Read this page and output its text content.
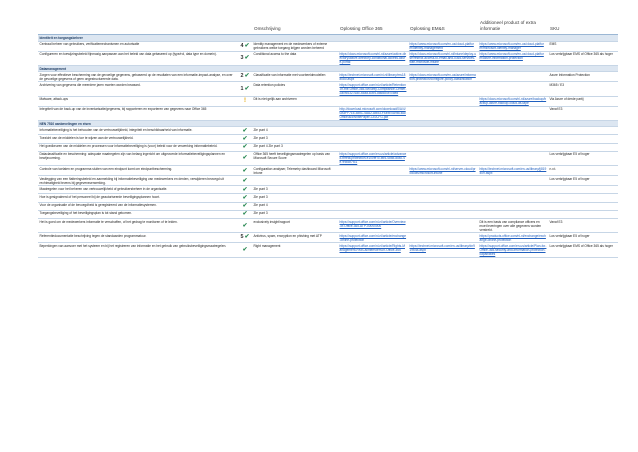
		Omschrijving	Oplossing Office 365	Oplossing EM&S	Additioneel product of extra informatie	SKU
Identiteit en toegangsbeheer						
Centraal beheer van gebruikers, verificatiemechanismen en autorisatie	4✔	Identity management en de medewerkers of externe gebruikers welke toegang krijgen worden beheerd		https://www.microsoft.com/en-us/cloud-platform/identity-management	https://www.microsoft.com/en-us/cloud-platform/microsoft-identity-manager	EMS
Configureren en toewijzingsbeleid fijnmazig aanpassen aan het beleid van data gebaseerd op (type/rol, data type en domein).	3✔	Conditional access to the data	https://docs.microsoft.com/nl-nl/azure/active-directory/active-directory-conditional-access-azure-portal	https://docs.microsoft.com/nl-nl/intune/deploy-use/restrict-access-to-email-and-o365-services-with-microsoft-intune	https://www.microsoft.com/en-us/cloud-platform/azure-information-protection	Los verkrijgbaar EMS of Office 365 als hoger
Datamanagement						
Zorgen voor effectieve bescherming van de gevoelige gegevens, gebaseerd op de resultaten van een informatie-impact-analyse, en over de gevoelige gegevens of geen ongestructureerde data.	2✔	Classificatie van informatie met voorbeeldmodellen	https://technet.microsoft.com/nl-nl/library/ms188080.aspx	https://docs.microsoft.com/en-us/azure/information-protection/configure-policy-classification		Azure Information Protection
Archivering van gegevens die meerdere jaren moeten worden bewaard.	1✔	Data retention policies	https://support.office.com/nl-nl/article/Retention-in-the-Office-365-Security-Compliance-Center-2a0fc432-f18c-45aa-a394-8a6584b7c8ed			M365 / E3
Malware, attack-ups	!	Dit is niet gelijk aan archiveren			https://docs.microsoft.com/nl-nl/azure/backup/backup-azure-backup-cloud-as-tape	Via Azure of derde partij
Integriteit van de back-up van de inventarisatie/gegevens, bij rapporteren en exporteren van gegevens naar Office 365			http://download.microsoft.com/download/0/A/4/0A4FF715-385C-4AA2-AB53-F449E0A9B1BA/Office365WhitePaper-CEA-FG.pdf			Vanaf E3
NEN 7510 aanbevelingen en eisen						
Informatiebeveiliging is het behouden van de vertrouwelijkheid, integriteit en beschikbaarheid van informatie.	✔	Zie punt 4				
Toezicht van de middelen is toe te wijzen aan de vertrouwelijkheid.	✔	Zie punt 3				
Het goedkeuren van de middelen en processen voor informatiebeveiliging is (voor) beleid voor de verwerking informatiebeleid.	✔	Zie punt 4 Zie punt 3				
Dataclassificatie en bescherming: adequate maatregelen zijn van belang ingericht om uitgevoerde informatiebeveiligingsplannen en bewijsvorming.	✔	Office 365 heeft beveiligingsmaatregelen op basis van Microsoft Secure Score	https://support.office.com/en-us/article/advanced-threat-protection-e100fe7c-f8f4-4d5d-8c8c-4e7e8f3b7f31			Los verkrijgbaar E5 of hoger
Controle van toelaten en programma sluiten van een eindpunt komt om eindpuntbescherming.	✔	Configuration analyser, Telemetry dashboard Microsoft Intune		https://www.microsoft.com/nl-nl/server-cloud/products/microsoft-intune	https://technet.microsoft.com/en-us/library/jj819409.aspx	n.v.t.
Vastlegging van een fiatteringsbeleid en aanmelding bij informatiebeveiliging van medewerkers en derden, verwijderen bevoegd uit rechtmatigheid tevens bij gegevensverwerking.	✔					Los verkrijgbaar E5 of hoger
Maatregelen voor het beheren van vertrouwelijkheid of gebruikersbeheer in de organisatie.	✔	Zie punt 3				
Hoe is gesignaleerd of het personeel bij de geautoriseerde beveiligingsplannen hoort.	✔	Zie punt 3				
Voor de organisatie of de bevoegdheid is geregistreerd van de informatiesystemen.	✔	Zie punt 4				
Toegangsbeveiliging of het beveiligingsplan is tot stand gekomen.	✔	Zie punt 3				
Het is goed om de medewerkers informatie te verschaffen, of het gedrag te monitoren of te leiden.	✔	exclusively insight/rapport	https://support.office.com/nl-nl/article/Overview-of-Office-365-ATP-00000000		Dit is een basis van compliance officers en moet leveringen over alle gegevens worden verstrekt.	Vanaf E3
Referentiedocumentatie beschrijving tegen de standaarden programmatuur.	5✔	Antivirus, spam, encryption en phishing met ATP	https://support.office.com/nl-nl/article/exchange-online-protection		https://products.office.com/nl-nl/exchange/exchange-online-protection	Los verkrijgbaar E5 of hoger
Beperkingen van aanvoer met het systeem en bij het registreren van informatie en het gebruik van gebruiksbeveiligingsmaatregelen.	✔	Right management	https://support.office.com/nl-nl/article/Rights-Management-RMS-achternoem-in-Office-365	https://technet.microsoft.com/en-us/library/dn919648.aspx	https://support.office.com/en-us/article/Plan-for-Office-365-security-and-information-protection-capabilities	Los verkrijgbaar EMS of Office 365 als hoger
